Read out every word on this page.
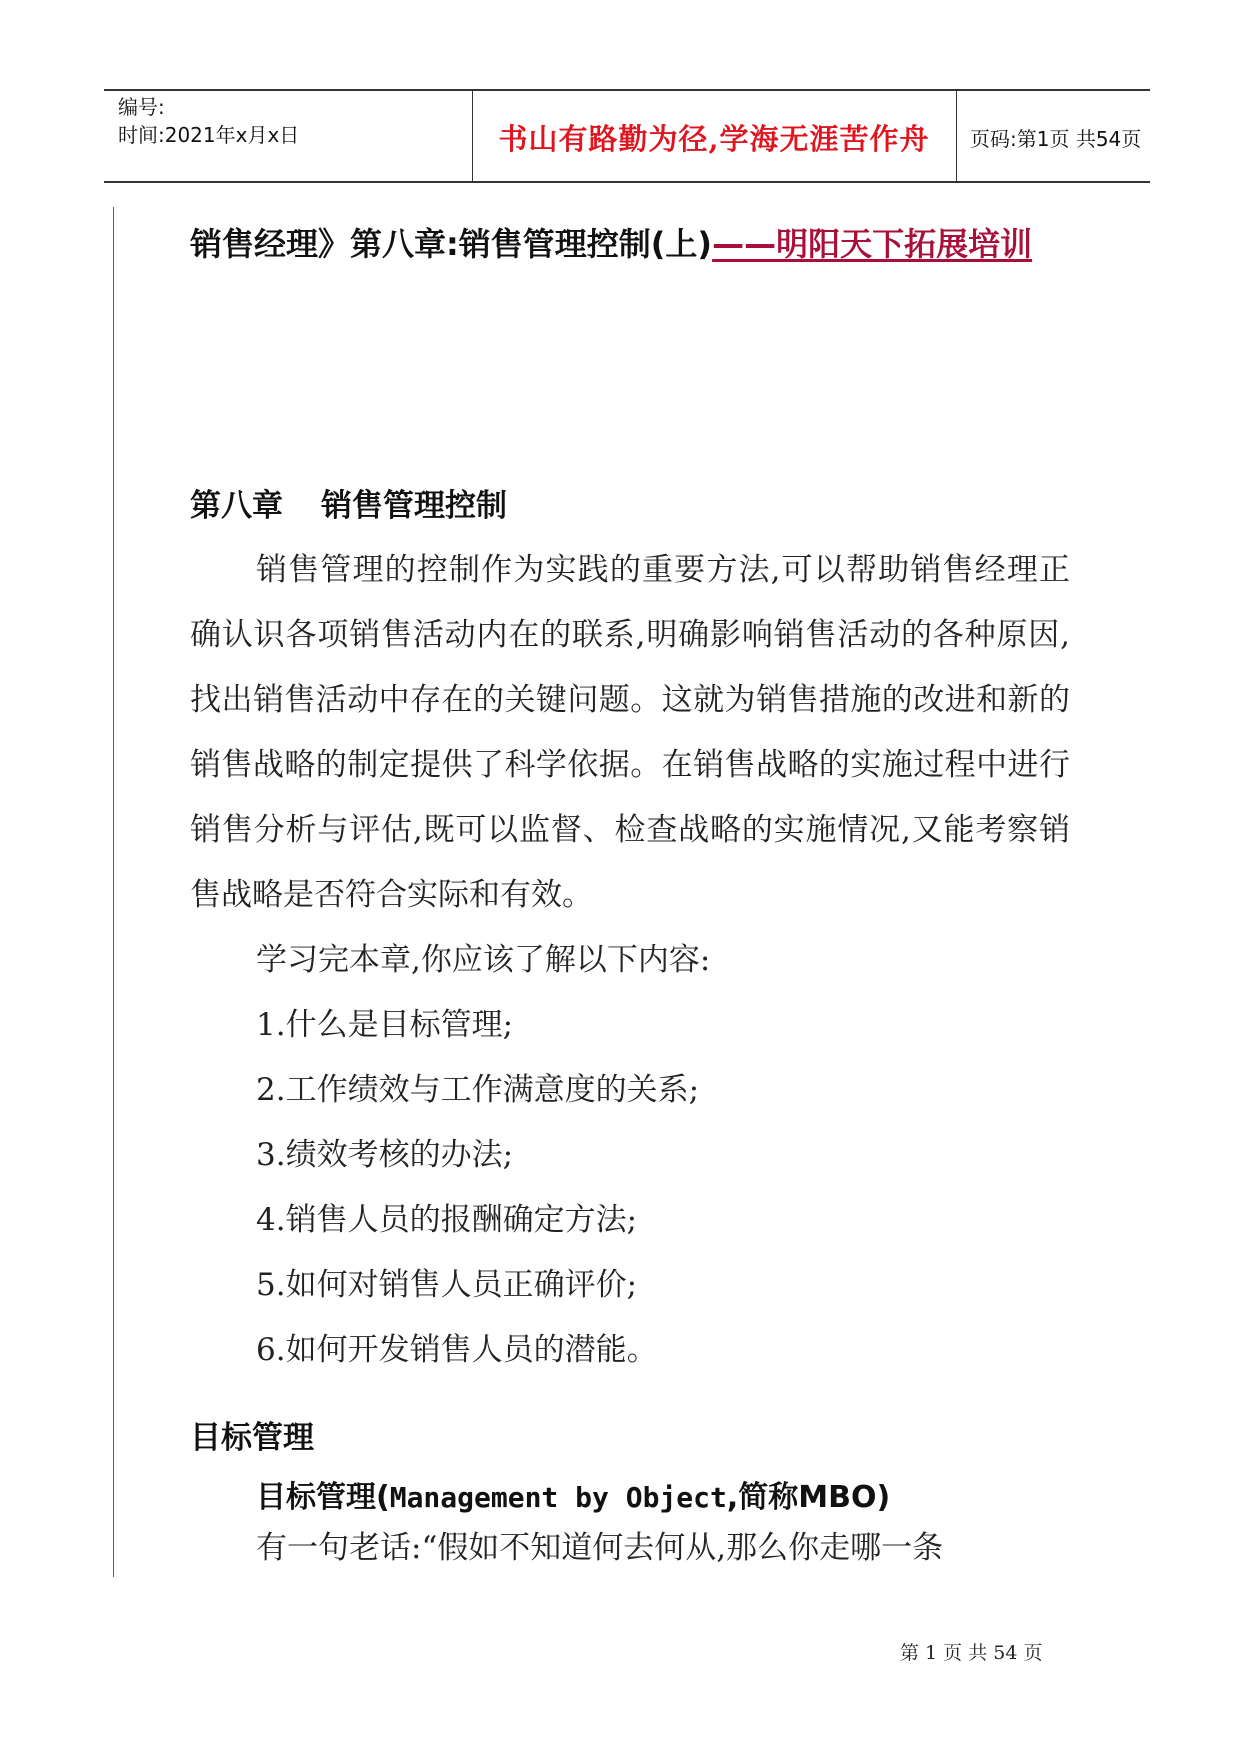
编号:
时间:2021年x月x日	书山有路勤为径,学海无涯苦作舟	页码:第1页 共54页
销售经理》第八章:销售管理控制(上)——明阳天下拓展培训
第八章 销售管理控制

销售管理的控制作为实践的重要方法,可以帮助销售经理正确认识各项销售活动内在的联系,明确影响销售活动的各种原因,找出销售活动中存在的关键问题。这就为销售措施的改进和新的销售战略的制定提供了科学依据。在销售战略的实施过程中进行销售分析与评估,既可以监督、检查战略的实施情况,又能考察销售战略是否符合实际和有效。

学习完本章,你应该了解以下内容:

1.什么是目标管理;
2.工作绩效与工作满意度的关系;
3.绩效考核的办法;
4.销售人员的报酬确定方法;
5.如何对销售人员正确评价;
6.如何开发销售人员的潜能。
目标管理
目标管理(Management by Object,简称MBO)

有一句老话:“假如不知道何去何从,那么你走哪一条

第 1 页 共 54 页
